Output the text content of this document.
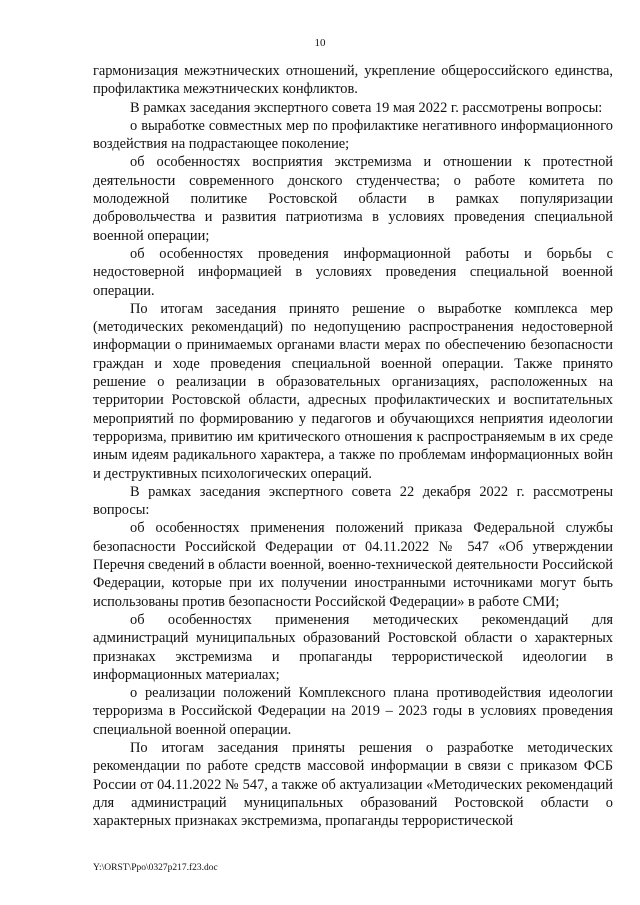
10

гармонизация межэтнических отношений, укрепление общероссийского единства, профилактика межэтнических конфликтов.

В рамках заседания экспертного совета 19 мая 2022 г. рассмотрены вопросы:

о выработке совместных мер по профилактике негативного информационного воздействия на подрастающее поколение;

об особенностях восприятия экстремизма и отношении к протестной деятельности современного донского студенчества; о работе комитета по молодежной политике Ростовской области в рамках популяризации добровольчества и развития патриотизма в условиях проведения специальной военной операции;

об особенностях проведения информационной работы и борьбы с недостоверной информацией в условиях проведения специальной военной операции.

По итогам заседания принято решение о выработке комплекса мер (методических рекомендаций) по недопущению распространения недостоверной информации о принимаемых органами власти мерах по обеспечению безопасности граждан и ходе проведения специальной военной операции. Также принято решение о реализации в образовательных организациях, расположенных на территории Ростовской области, адресных профилактических и воспитательных мероприятий по формированию у педагогов и обучающихся неприятия идеологии терроризма, привитию им критического отношения к распространяемым в их среде иным идеям радикального характера, а также по проблемам информационных войн и деструктивных психологических операций.

В рамках заседания экспертного совета 22 декабря 2022 г. рассмотрены вопросы:

об особенностях применения положений приказа Федеральной службы безопасности Российской Федерации от 04.11.2022 № 547 «Об утверждении Перечня сведений в области военной, военно-технической деятельности Российской Федерации, которые при их получении иностранными источниками могут быть использованы против безопасности Российской Федерации» в работе СМИ;

об особенностях применения методических рекомендаций для администраций муниципальных образований Ростовской области о характерных признаках экстремизма и пропаганды террористической идеологии в информационных материалах;

о реализации положений Комплексного плана противодействия идеологии терроризма в Российской Федерации на 2019 – 2023 годы в условиях проведения специальной военной операции.

По итогам заседания приняты решения о разработке методических рекомендации по работе средств массовой информации в связи с приказом ФСБ России от 04.11.2022 № 547, а также об актуализации «Методических рекомендаций для администраций муниципальных образований Ростовской области о характерных признаках экстремизма, пропаганды террористической

Y:\ORST\Ppo\0327p217.f23.doc
